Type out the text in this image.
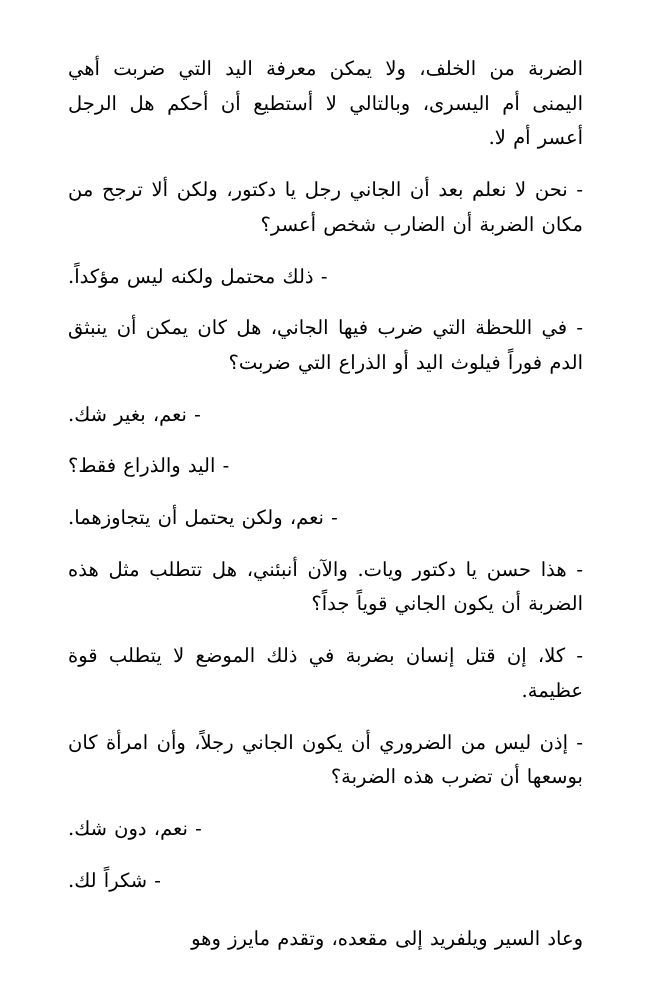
الضربة من الخلف، ولا يمكن معرفة اليد التي ضربت أهي اليمنى أم اليسرى، وبالتالي لا أستطيع أن أحكم هل الرجل أعسر أم لا.

- نحن لا نعلم بعد أن الجاني رجل يا دكتور، ولكن ألا ترجح من مكان الضربة أن الضارب شخص أعسر؟

- ذلك محتمل ولكنه ليس مؤكداً.

- في اللحظة التي ضرب فيها الجاني، هل كان يمكن أن ينبثق الدم فوراً فيلوث اليد أو الذراع التي ضربت؟

- نعم، بغير شك.

- اليد والذراع فقط؟

- نعم، ولكن يحتمل أن يتجاوزهما.

- هذا حسن يا دكتور ويات. والآن أنبئني، هل تتطلب مثل هذه الضربة أن يكون الجاني قوياً جداً؟

- كلا، إن قتل إنسان بضربة في ذلك الموضع لا يتطلب قوة عظيمة.

- إذن ليس من الضروري أن يكون الجاني رجلاً، وأن امرأة كان بوسعها أن تضرب هذه الضربة؟

- نعم، دون شك.

- شكراً لك.

وعاد السير ويلفريد إلى مقعده، وتقدم مايرز وهو
